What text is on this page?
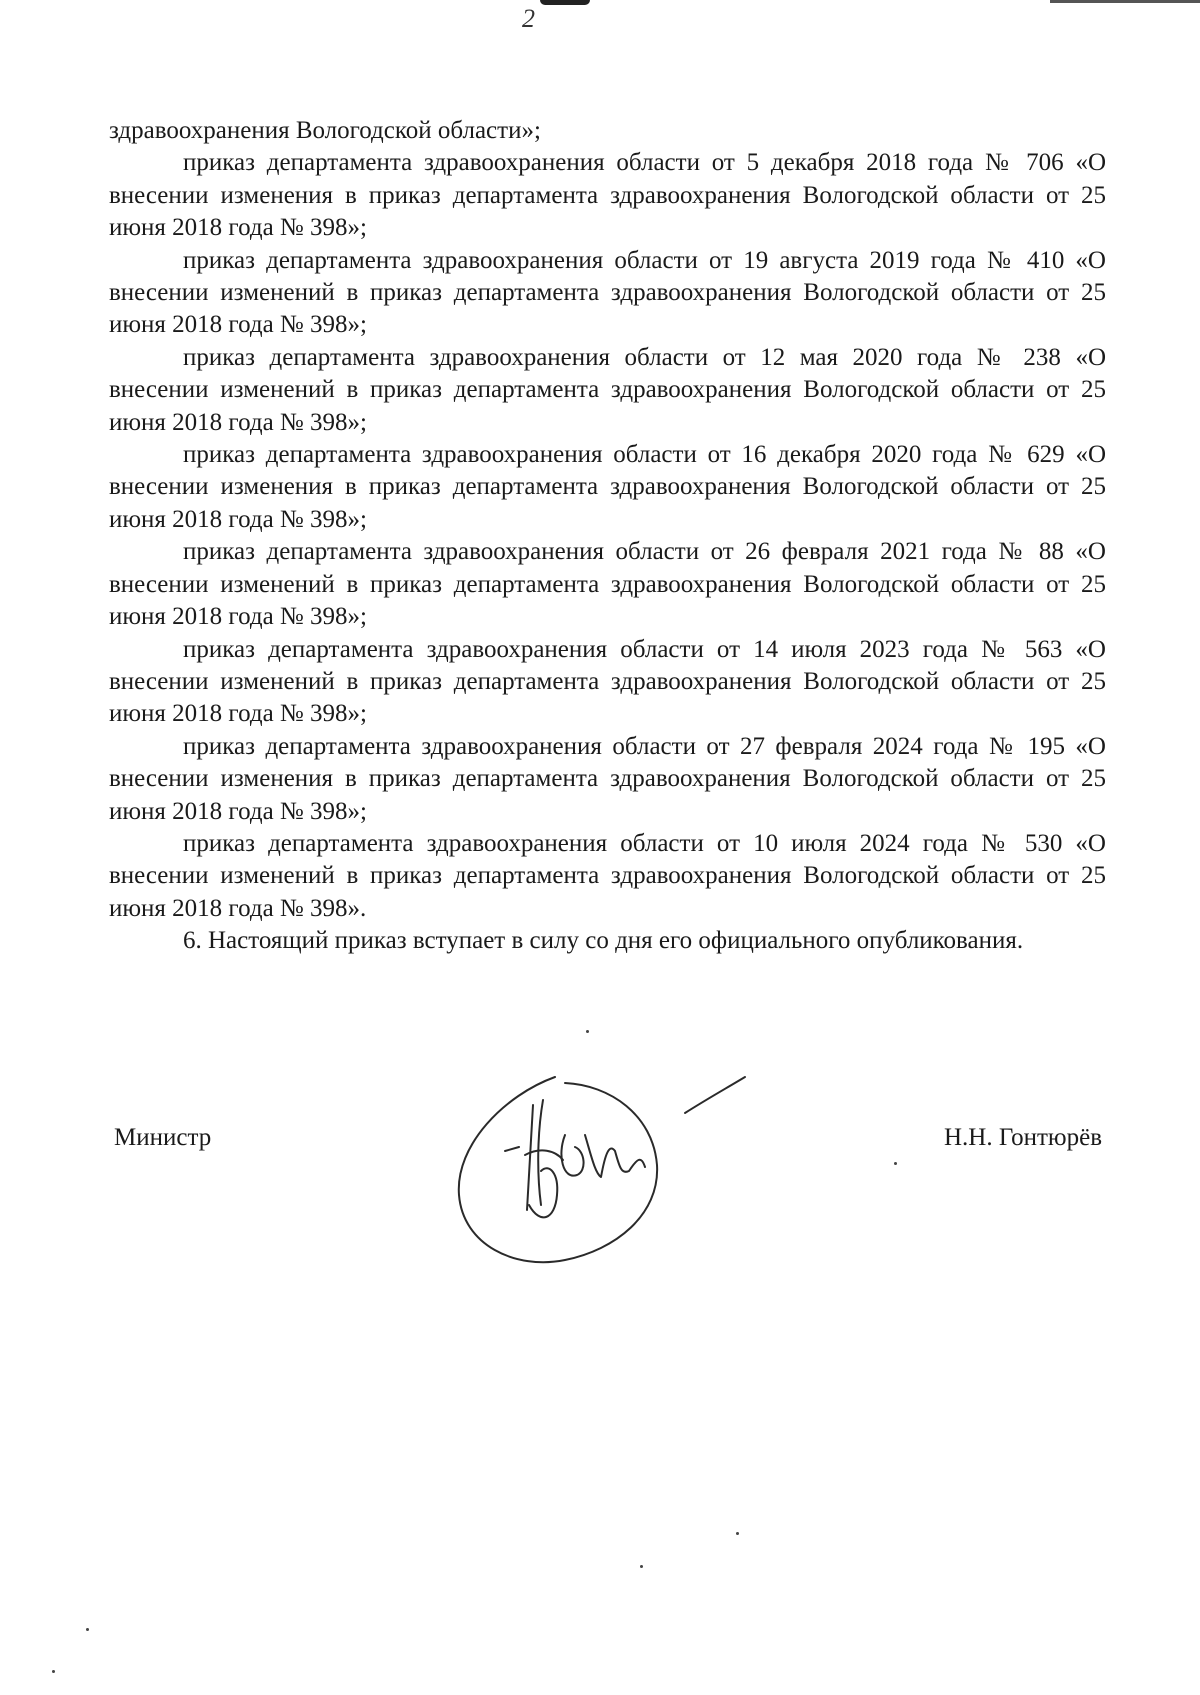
2

здравоохранения Вологодской области»;

приказ департамента здравоохранения области от 5 декабря 2018 года № 706 «О внесении изменения в приказ департамента здравоохранения Вологодской области от 25 июня 2018 года № 398»;

приказ департамента здравоохранения области от 19 августа 2019 года № 410 «О внесении изменений в приказ департамента здравоохранения Вологодской области от 25 июня 2018 года № 398»;

приказ департамента здравоохранения области от 12 мая 2020 года № 238 «О внесении изменений в приказ департамента здравоохранения Вологодской области от 25 июня 2018 года № 398»;

приказ департамента здравоохранения области от 16 декабря 2020 года № 629 «О внесении изменения в приказ департамента здравоохранения Вологодской области от 25 июня 2018 года № 398»;

приказ департамента здравоохранения области от 26 февраля 2021 года № 88 «О внесении изменений в приказ департамента здравоохранения Вологодской области от 25 июня 2018 года № 398»;

приказ департамента здравоохранения области от 14 июля 2023 года № 563 «О внесении изменений в приказ департамента здравоохранения Вологодской области от 25 июня 2018 года № 398»;

приказ департамента здравоохранения области от 27 февраля 2024 года № 195 «О внесении изменения в приказ департамента здравоохранения Вологодской области от 25 июня 2018 года № 398»;

приказ департамента здравоохранения области от 10 июля 2024 года № 530 «О внесении изменений в приказ департамента здравоохранения Вологодской области от 25 июня 2018 года № 398».

6. Настоящий приказ вступает в силу со дня его официального опубликования.

Министр	Н.Н. Гонтюрёв
